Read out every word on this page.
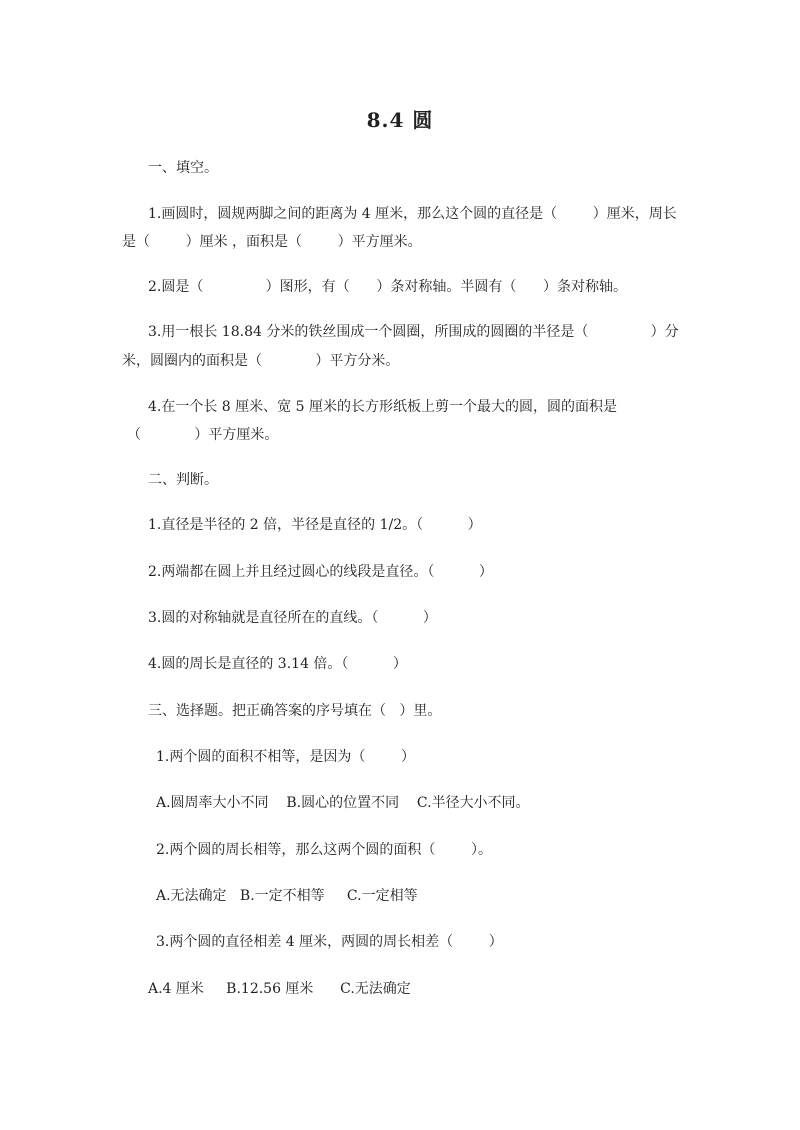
8.4 圆
一、填空。
1.画圆时，圆规两脚之间的距离为 4 厘米，那么这个圆的直径是（        ）厘米，周长
是（        ）厘米 ，面积是（        ）平方厘米。
2.圆是（              ）图形，有（      ）条对称轴。半圆有（      ）条对称轴。
3.用一根长 18.84 分米的铁丝围成一个圆圈，所围成的圆圈的半径是（              ）分
米，圆圈内的面积是（            ）平方分米。
4.在一个长 8 厘米、宽 5 厘米的长方形纸板上剪一个最大的圆，圆的面积是
（            ）平方厘米。
二、判断。
1.直径是半径的 2 倍，半径是直径的 1/2。（          ）
2.两端都在圆上并且经过圆心的线段是直径。（          ）
3.圆的对称轴就是直径所在的直线。（          ）
4.圆的周长是直径的 3.14 倍。（          ）
三、选择题。把正确答案的序号填在（   ）里。
1.两个圆的面积不相等，是因为（        ）
A.圆周率大小不同    B.圆心的位置不同    C.半径大小不同。
2.两个圆的周长相等，那么这两个圆的面积（        ）。
A.无法确定   B.一定不相等     C.一定相等
3.两个圆的直径相差 4 厘米，两圆的周长相差（        ）
A.4 厘米     B.12.56 厘米      C.无法确定
